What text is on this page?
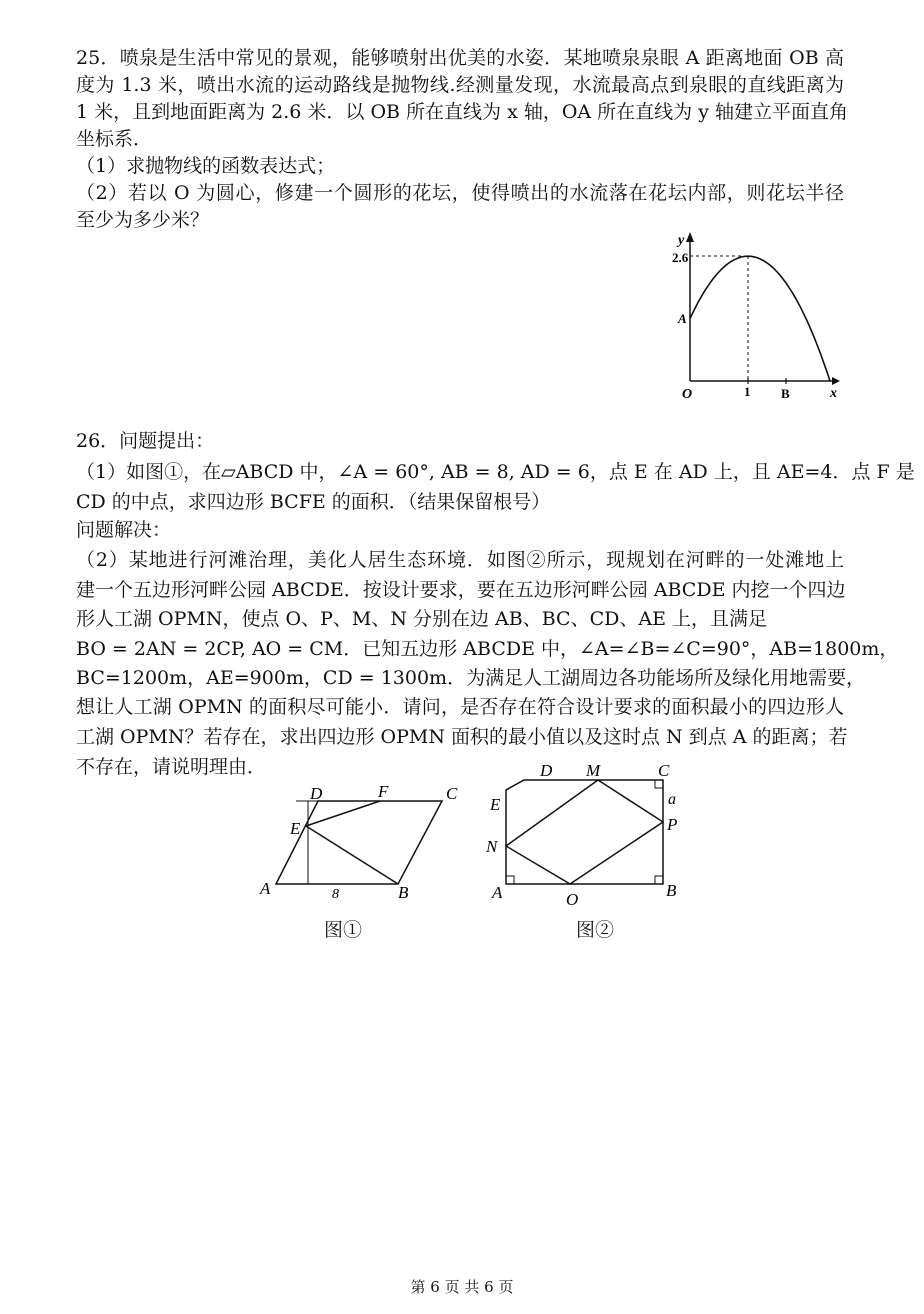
25．喷泉是生活中常见的景观，能够喷射出优美的水姿．某地喷泉泉眼 A 距离地面 OB 高
度为 1.3 米，喷出水流的运动路线是抛物线.经测量发现，水流最高点到泉眼的直线距离为
1 米，且到地面距离为 2.6 米．以 OB 所在直线为 x 轴，OA 所在直线为 y 轴建立平面直角
坐标系．
（1）求抛物线的函数表达式；
（2）若以 O 为圆心，修建一个圆形的花坛，使得喷出的水流落在花坛内部，则花坛半径
至少为多少米？
y
x
O
2.6
A
1 B
26．问题提出：
（1）如图①，在▱ABCD 中，∠A = 60°, AB = 8, AD = 6，点 E 在 AD 上，且 AE=4．点 F 是
CD 的中点，求四边形 BCFE 的面积．（结果保留根号）
问题解决：
（2）某地进行河滩治理，美化人居生态环境．如图②所示，现规划在河畔的一处滩地上
建一个五边形河畔公园 ABCDE．按设计要求，要在五边形河畔公园 ABCDE 内挖一个四边
形人工湖 OPMN，使点 O、P、M、N 分别在边 AB、BC、CD、AE 上，且满足
BO = 2AN = 2CP, AO = CM．已知五边形 ABCDE 中，∠A=∠B=∠C=90°，AB=1800m，
BC=1200m，AE=900m，CD = 1300m．为满足人工湖周边各功能场所及绿化用地需要，
想让人工湖 OPMN 的面积尽可能小．请问，是否存在符合设计要求的面积最小的四边形人
工湖 OPMN？若存在，求出四边形 OPMN 面积的最小值以及这时点 N 到点 A 的距离；若
不存在，请说明理由．
A	B
C
D
E
F
8
图①
A	B
C
D
E
M
N
O
P
a
图②
第 6 页 共 6 页
